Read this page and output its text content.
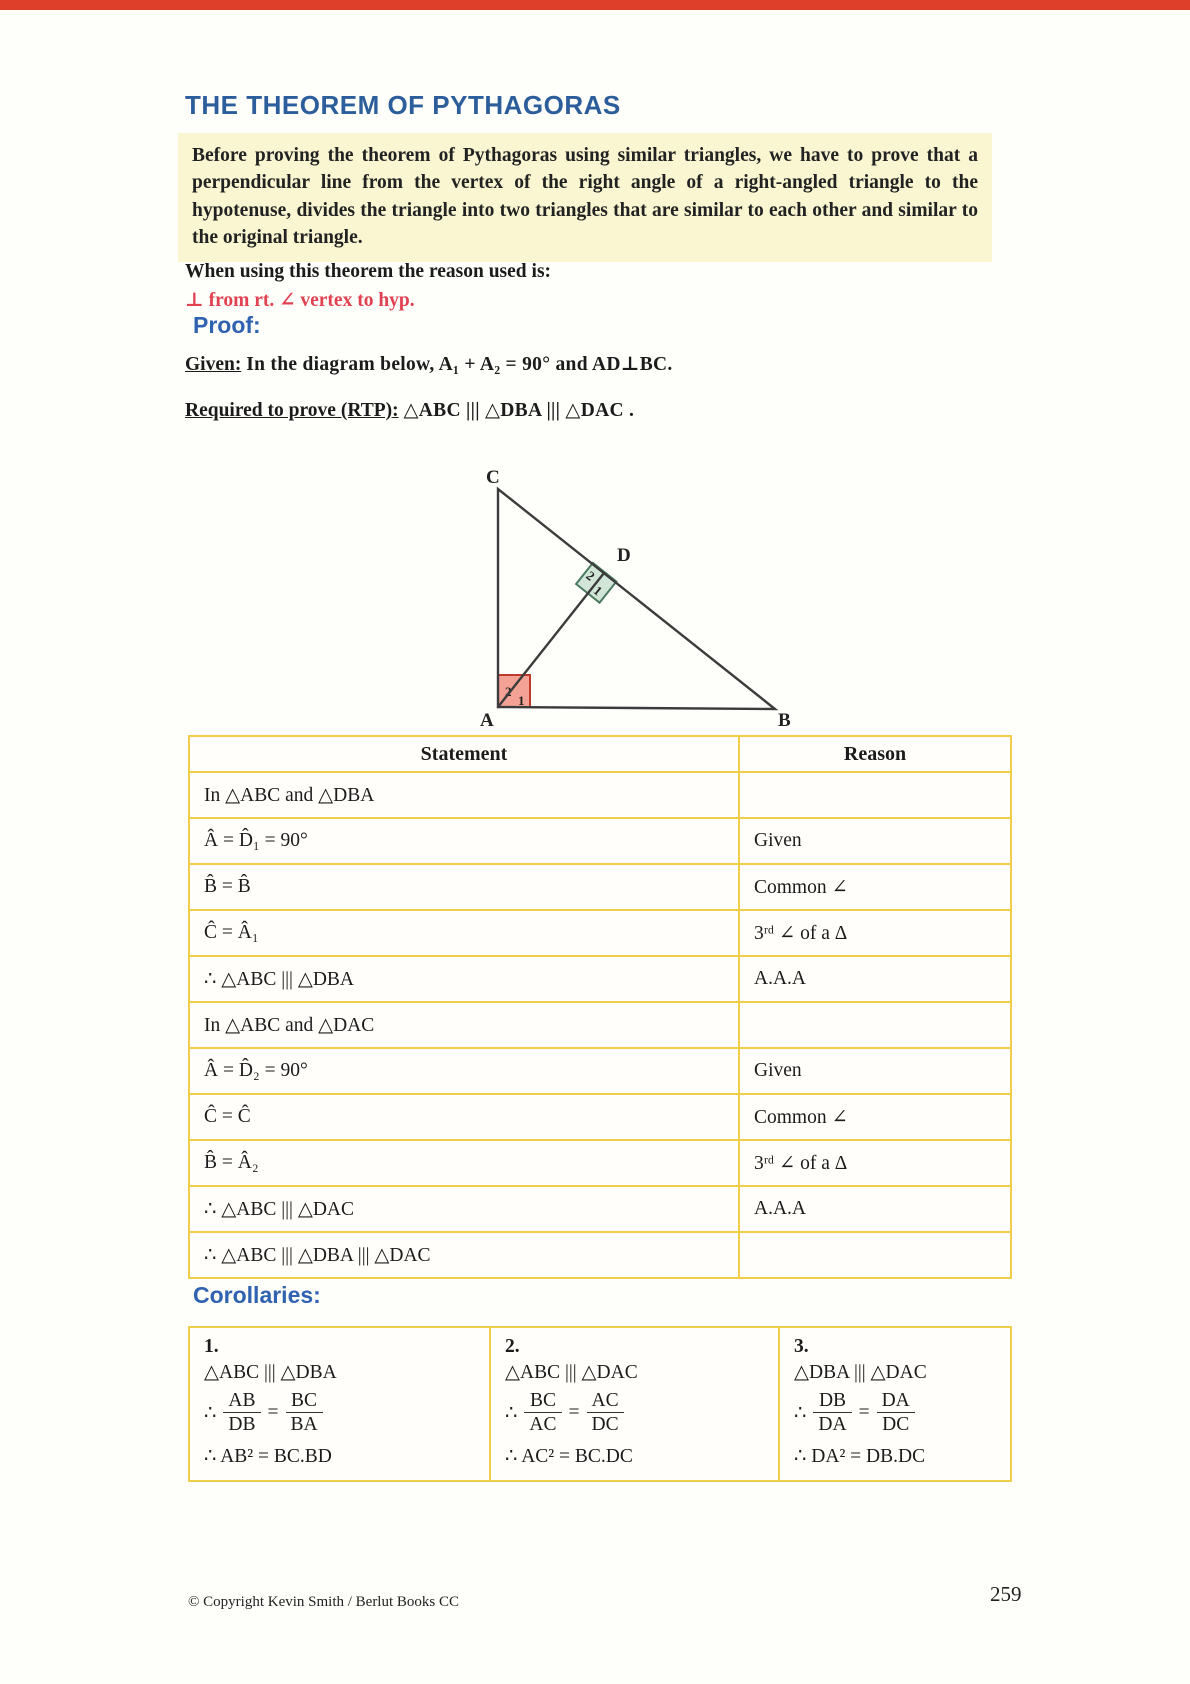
THE THEOREM OF PYTHAGORAS
Before proving the theorem of Pythagoras using similar triangles, we have to prove that a perpendicular line from the vertex of the right angle of a right-angled triangle to the hypotenuse, divides the triangle into two triangles that are similar to each other and similar to the original triangle.
When using this theorem the reason used is:
⊥ from rt. ∠ vertex to hyp.
Proof:
Given: In the diagram below, A₁ + A₂ = 90° and AD⊥BC.
Required to prove (RTP): △ABC ||| △DBA ||| △DAC .
2
1
2
1
C
A	B
D
Statement	Reason
In △ABC and △DBA	
Â = D̂₁ = 90°	Given
B̂ = B̂	Common ∠
Ĉ = Â₁	3ʳᵈ ∠ of a Δ
∴ △ABC ||| △DBA	A.A.A
In △ABC and △DAC	
Â = D̂₂ = 90°	Given
Ĉ = Ĉ	Common ∠
B̂ = Â₂	3ʳᵈ ∠ of a Δ
∴ △ABC ||| △DAC	A.A.A
∴ △ABC ||| △DBA ||| △DAC	
Corollaries:
1.
△ABC ||| △DBA
∴ $\frac{AB}{DB} = \frac{BC}{BA}$
∴ AB² = BC.BD

2.
△ABC ||| △DAC
∴ $\frac{BC}{AC} = \frac{AC}{DC}$
∴ AC² = BC.DC

3.
△DBA ||| △DAC
∴ $\frac{DB}{DA} = \frac{DA}{DC}$
∴ DA² = DB.DC
© Copyright Kevin Smith / Berlut Books CC	259
